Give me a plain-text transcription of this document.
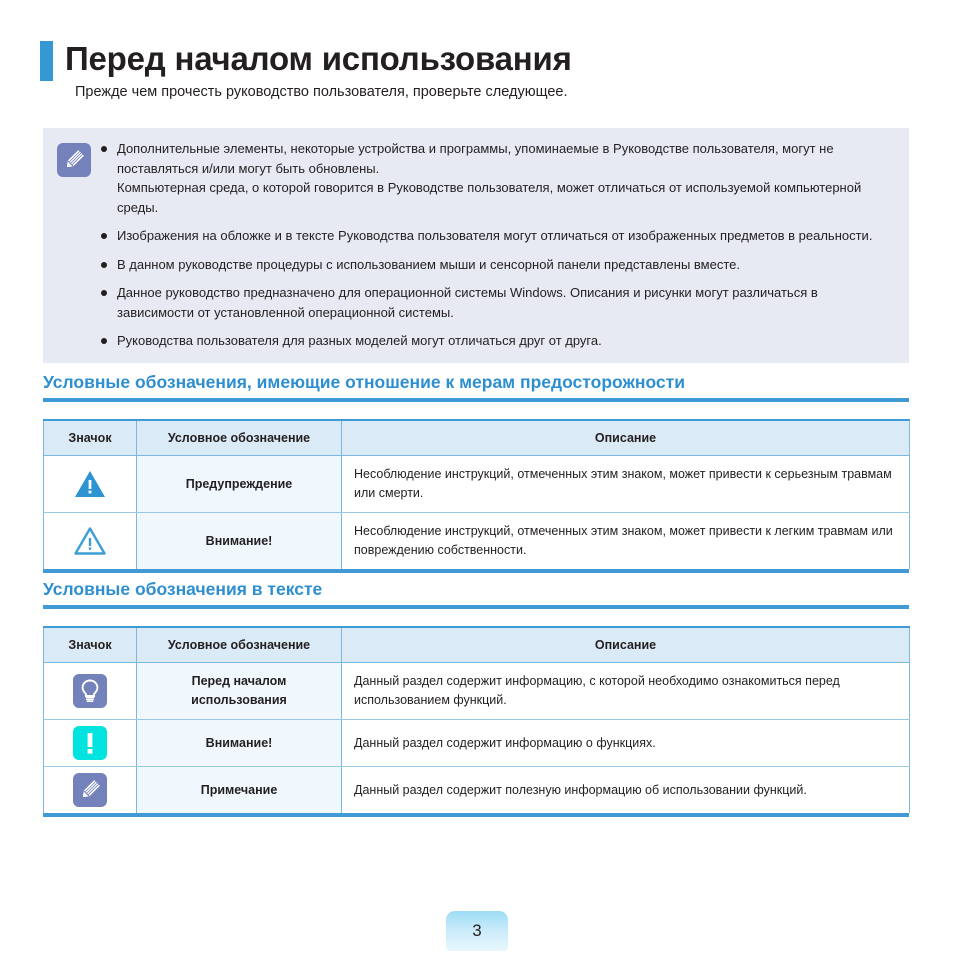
Перед началом использования
Прежде чем прочесть руководство пользователя, проверьте следующее.
Дополнительные элементы, некоторые устройства и программы, упоминаемые в Руководстве пользователя, могут не поставляться и/или могут быть обновлены.
Компьютерная среда, о которой говорится в Руководстве пользователя, может отличаться от используемой компьютерной среды.
Изображения на обложке и в тексте Руководства пользователя могут отличаться от изображенных предметов в реальности.
В данном руководстве процедуры с использованием мыши и сенсорной панели представлены вместе.
Данное руководство предназначено для операционной системы Windows. Описания и рисунки могут различаться в зависимости от установленной операционной системы.
Руководства пользователя для разных моделей могут отличаться друг от друга.
Условные обозначения, имеющие отношение к мерам предосторожности
Значок	Условное обозначение	Описание

	Предупреждение	Несоблюдение инструкций, отмеченных этим знаком, может привести к серьезным травмам или смерти.

	Внимание!	Несоблюдение инструкций, отмеченных этим знаком, может привести к легким травмам или повреждению собственности.
Условные обозначения в тексте
Значок	Условное обозначение	Описание

	Перед началом использования	Данный раздел содержит информацию, с которой необходимо ознакомиться перед использованием функций.

	Внимание!	Данный раздел содержит информацию о функциях.

	Примечание	Данный раздел содержит полезную информацию об использовании функций.
3
